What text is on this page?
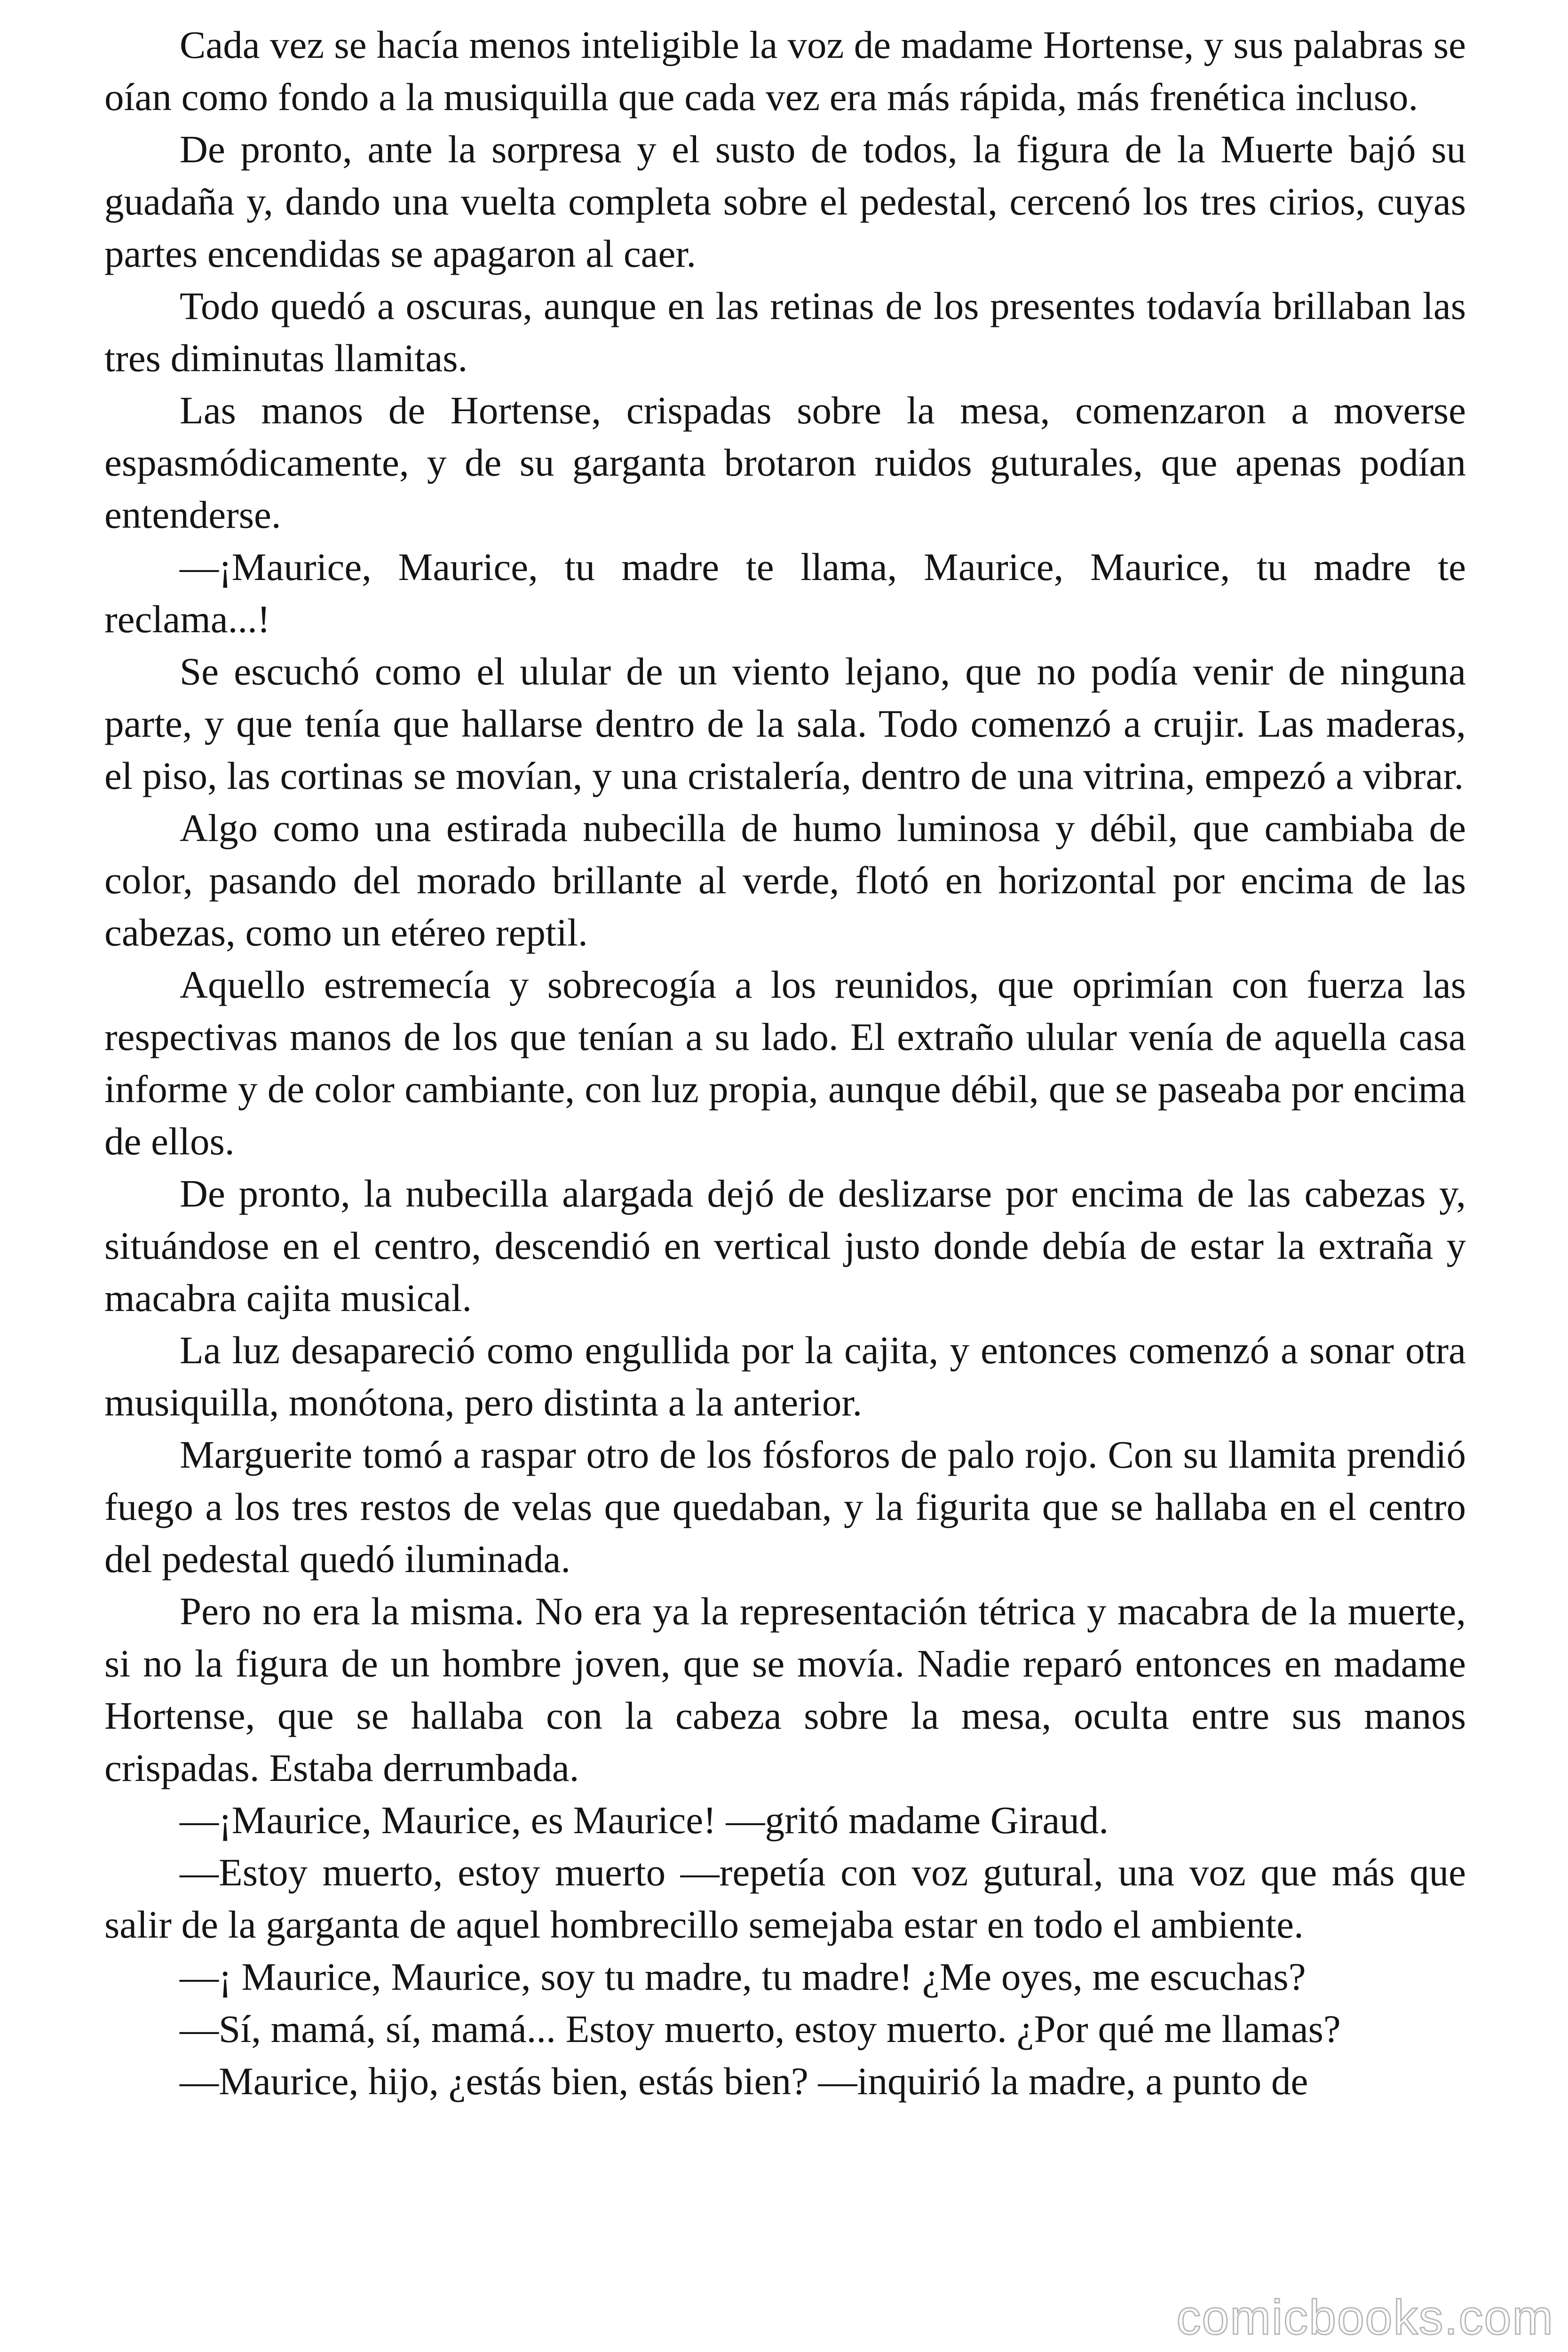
Cada vez se hacía menos inteligible la voz de madame Hortense, y sus palabras se oían como fondo a la musiquilla que cada vez era más rápida, más frenética incluso.

De pronto, ante la sorpresa y el susto de todos, la figura de la Muerte bajó su guadaña y, dando una vuelta completa sobre el pedestal, cercenó los tres cirios, cuyas partes encendidas se apagaron al caer.

Todo quedó a oscuras, aunque en las retinas de los presentes todavía brillaban las tres diminutas llamitas.

Las manos de Hortense, crispadas sobre la mesa, comenzaron a moverse espasmódicamente, y de su garganta brotaron ruidos guturales, que apenas podían entenderse.

—¡Maurice, Maurice, tu madre te llama, Maurice, Maurice, tu madre te reclama...!

Se escuchó como el ulular de un viento lejano, que no podía venir de ninguna parte, y que tenía que hallarse dentro de la sala. Todo comenzó a crujir. Las maderas, el piso, las cortinas se movían, y una cristalería, dentro de una vitrina, empezó a vibrar.

Algo como una estirada nubecilla de humo luminosa y débil, que cambiaba de color, pasando del morado brillante al verde, flotó en horizontal por encima de las cabezas, como un etéreo reptil.

Aquello estremecía y sobrecogía a los reunidos, que oprimían con fuerza las respectivas manos de los que tenían a su lado. El extraño ulular venía de aquella casa informe y de color cambiante, con luz propia, aunque débil, que se paseaba por encima de ellos.

De pronto, la nubecilla alargada dejó de deslizarse por encima de las cabezas y, situándose en el centro, descendió en vertical justo donde debía de estar la extraña y macabra cajita musical.

La luz desapareció como engullida por la cajita, y entonces comenzó a sonar otra musiquilla, monótona, pero distinta a la anterior.

Marguerite tomó a raspar otro de los fósforos de palo rojo. Con su llamita prendió fuego a los tres restos de velas que quedaban, y la figurita que se hallaba en el centro del pedestal quedó iluminada.

Pero no era la misma. No era ya la representación tétrica y macabra de la muerte, si no la figura de un hombre joven, que se movía. Nadie reparó entonces en madame Hortense, que se hallaba con la cabeza sobre la mesa, oculta entre sus manos crispadas. Estaba derrumbada.

—¡Maurice, Maurice, es Maurice! —gritó madame Giraud.

—Estoy muerto, estoy muerto —repetía con voz gutural, una voz que más que salir de la garganta de aquel hombrecillo semejaba estar en todo el ambiente.

—¡ Maurice, Maurice, soy tu madre, tu madre! ¿Me oyes, me escuchas?

—Sí, mamá, sí, mamá... Estoy muerto, estoy muerto. ¿Por qué me llamas?

—Maurice, hijo, ¿estás bien, estás bien? —inquirió la madre, a punto de

comicbooks.com
